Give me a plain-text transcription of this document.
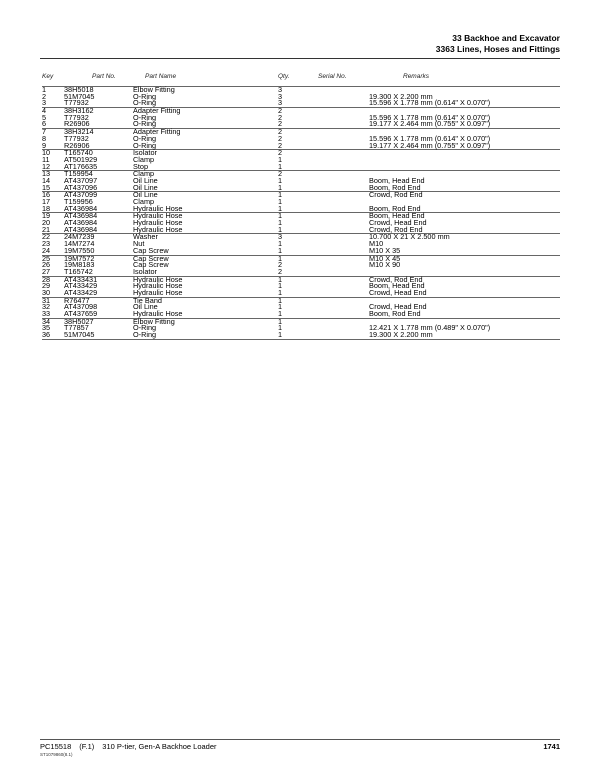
33 Backhoe and Excavator
3363 Lines, Hoses and Fittings
Key	Part No.	Part Name	Qty.	Serial No.	Remarks
1 38H5018	Elbow Fitting	3
2 51M7045	O-Ring	3	19.300 X 2.200 mm
3 T77932	O-Ring	3	15.596 X 1.778 mm (0.614" X 0.070")
4 38H3162	Adapter Fitting	2
5 T77932	O-Ring	2	15.596 X 1.778 mm (0.614" X 0.070")
6 R26906	O-Ring	2	19.177 X 2.464 mm (0.755" X 0.097")
7 38H3214	Adapter Fitting	2
8 T77932	O-Ring	2	15.596 X 1.778 mm (0.614" X 0.070")
9 R26906	O-Ring	2	19.177 X 2.464 mm (0.755" X 0.097")
10 T165740	Isolator	2
11 AT501929	Clamp	1
12 AT176635	Stop	1
13 T159954	Clamp	2
14 AT437097	Oil Line	1	Boom, Head End
15 AT437096	Oil Line	1	Boom, Rod End
16 AT437099	Oil Line	1	Crowd, Rod End
17 T159956	Clamp	1
18 AT436984	Hydraulic Hose	1	Boom, Rod End
19 AT436984	Hydraulic Hose	1	Boom, Head End
20 AT436984	Hydraulic Hose	1	Crowd, Head End
21 AT436984	Hydraulic Hose	1	Crowd, Rod End
22 24M7239	Washer	3	10.700 X 21 X 2.500 mm
23 14M7274	Nut	1	M10
24 19M7550	Cap Screw	1	M10 X 35
25 19M7572	Cap Screw	1	M10 X 45
26 19M8183	Cap Screw	2	M10 X 90
27 T165742	Isolator	2
28 AT433431	Hydraulic Hose	1	Crowd, Rod End
29 AT433429	Hydraulic Hose	1	Boom, Head End
30 AT433429	Hydraulic Hose	1	Crowd, Head End
31 R76477	Tie Band	1
32 AT437098	Oil Line	1	Crowd, Head End
33 AT437659	Hydraulic Hose	1	Boom, Rod End
34 38H5027	Elbow Fitting	1
35 T77857	O-Ring	1	12.421 X 1.778 mm (0.489" X 0.070")
36 51M7045	O-Ring	1	19.300 X 2.200 mm
PC15518 (F.1) 310 P-tier, Gen-A Backhoe Loader
ST1079860(8.1)
1741
